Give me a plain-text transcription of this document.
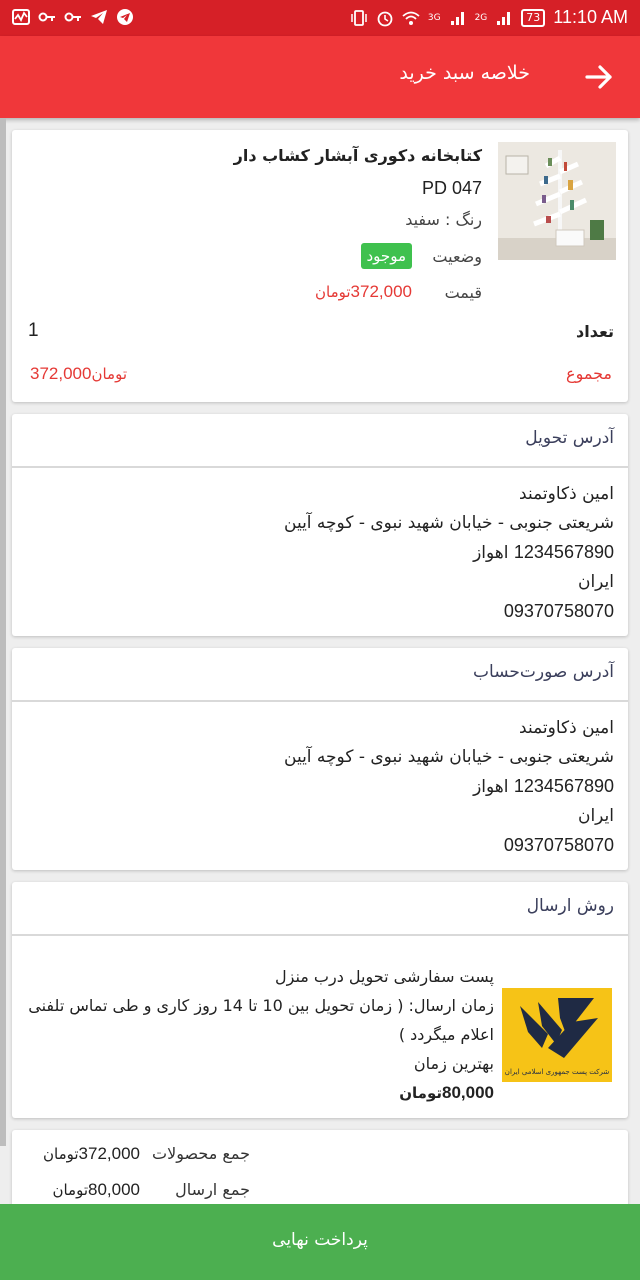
3G	2G	73 11:10 AM
خلاصه سبد خرید
کتابخانه دکوری آبشار کشاب دار
PD 047
رنگ : سفید
وضعیت
موجود
قیمت
372,000تومان
تعداد
1
مجموع
372,000تومان
آدرس تحویل
امین ذکاوتمند
شریعتی جنوبی - خیابان شهید نبوی - کوچه آیین
1234567890 اهواز
ایران
09370758070
آدرس صورت‌حساب
امین ذکاوتمند
شریعتی جنوبی - خیابان شهید نبوی - کوچه آیین
1234567890 اهواز
ایران
09370758070
روش ارسال
شرکت پست جمهوری اسلامی ایران
پست سفارشی تحویل درب منزل
زمان ارسال: ( زمان تحویل بین 10 تا 14 روز کاری و طی تماس تلفنی اعلام میگردد )
بهترین زمان
80,000تومان
جمع محصولات
372,000تومان
جمع ارسال
80,000تومان
پرداخت نهایی
